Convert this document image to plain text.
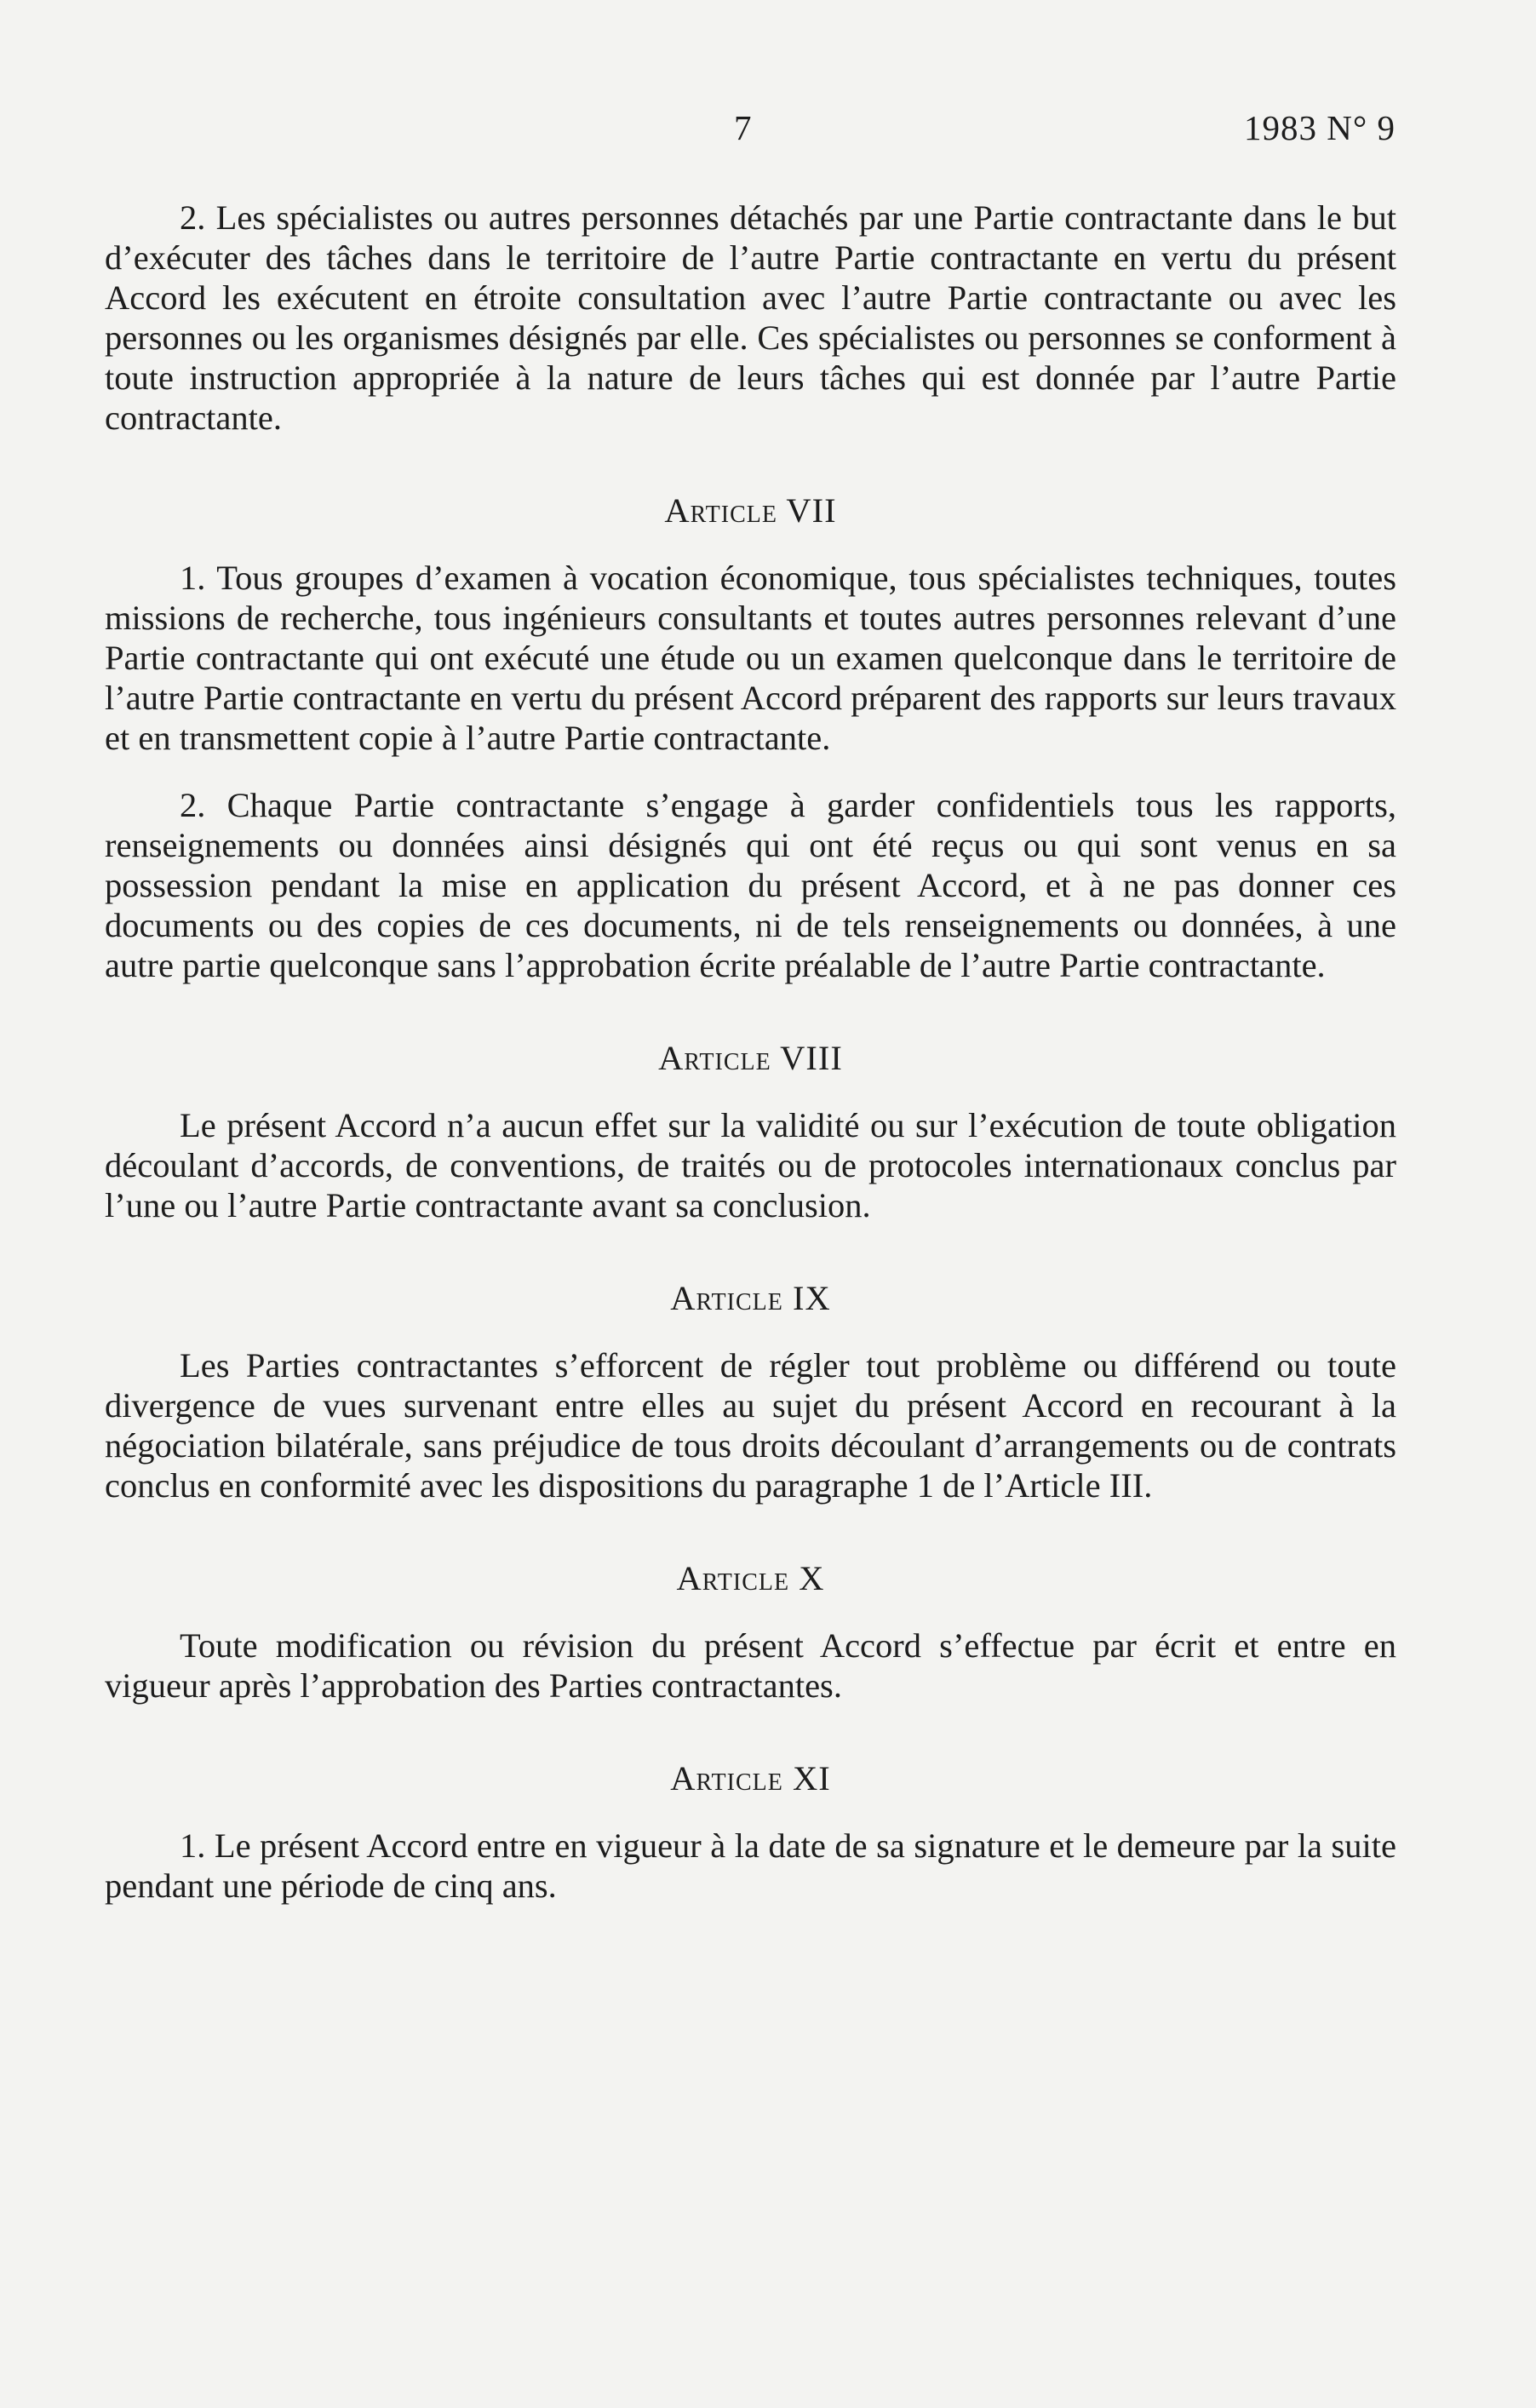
7	1983 N° 9

2. Les spécialistes ou autres personnes détachés par une Partie contractante dans le but d’exécuter des tâches dans le territoire de l’autre Partie contractante en vertu du présent Accord les exécutent en étroite consultation avec l’autre Partie contractante ou avec les personnes ou les organismes désignés par elle. Ces spécialistes ou personnes se conforment à toute instruction appropriée à la nature de leurs tâches qui est donnée par l’autre Partie contractante.

Article VII

1. Tous groupes d’examen à vocation économique, tous spécialistes techniques, toutes missions de recherche, tous ingénieurs consultants et toutes autres personnes relevant d’une Partie contractante qui ont exécuté une étude ou un examen quelconque dans le territoire de l’autre Partie contractante en vertu du présent Accord préparent des rapports sur leurs travaux et en transmettent copie à l’autre Partie contractante.

2. Chaque Partie contractante s’engage à garder confidentiels tous les rapports, renseignements ou données ainsi désignés qui ont été reçus ou qui sont venus en sa possession pendant la mise en application du présent Accord, et à ne pas donner ces documents ou des copies de ces documents, ni de tels renseignements ou données, à une autre partie quelconque sans l’approbation écrite préalable de l’autre Partie contractante.

Article VIII

Le présent Accord n’a aucun effet sur la validité ou sur l’exécution de toute obligation découlant d’accords, de conventions, de traités ou de protocoles internationaux conclus par l’une ou l’autre Partie contractante avant sa conclusion.

Article IX

Les Parties contractantes s’efforcent de régler tout problème ou différend ou toute divergence de vues survenant entre elles au sujet du présent Accord en recourant à la négociation bilatérale, sans préjudice de tous droits découlant d’arrangements ou de contrats conclus en conformité avec les dispositions du paragraphe 1 de l’Article III.

Article X

Toute modification ou révision du présent Accord s’effectue par écrit et entre en vigueur après l’approbation des Parties contractantes.

Article XI

1. Le présent Accord entre en vigueur à la date de sa signature et le demeure par la suite pendant une période de cinq ans.
